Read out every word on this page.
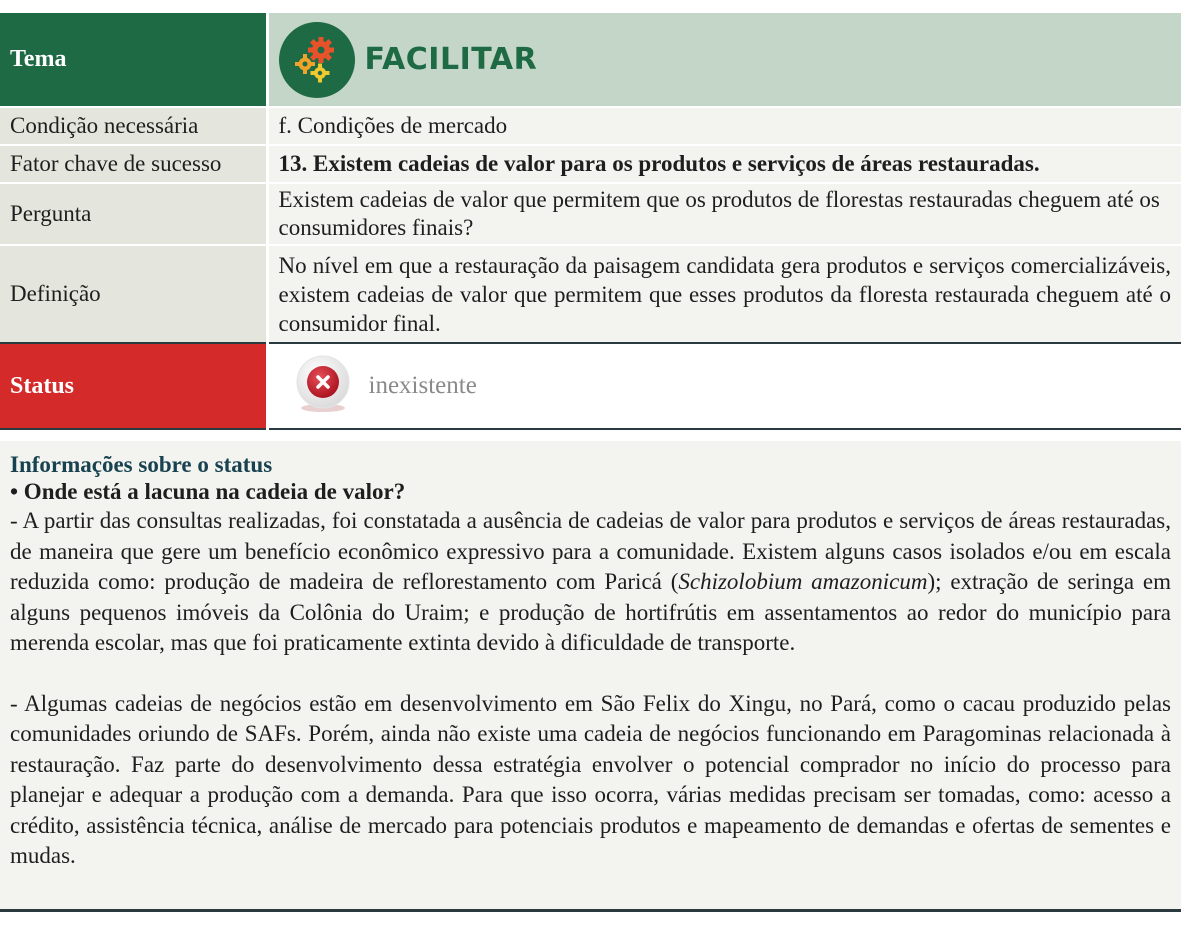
Tema	FACILITAR

Condição necessária	f. Condições de mercado
Fator chave de sucesso	13. Existem cadeias de valor para os produtos e serviços de áreas restauradas.
Pergunta	Existem cadeias de valor que permitem que os produtos de florestas restauradas cheguem até os consumidores finais?
Definição	No nível em que a restauração da paisagem candidata gera produtos e serviços comercializáveis, existem cadeias de valor que permitem que esses produtos da floresta restaurada cheguem até o consumidor final.
Status	inexistente
Informações sobre o status

• Onde está a lacuna na cadeia de valor?

- A partir das consultas realizadas, foi constatada a ausência de cadeias de valor para produtos e serviços de áreas restauradas, de maneira que gere um benefício econômico expressivo para a comunidade. Existem alguns casos isolados e/ou em escala reduzida como: produção de madeira de reflorestamento com Paricá (Schizolobium amazonicum); extração de seringa em alguns pequenos imóveis da Colônia do Uraim; e produção de hortifrútis em assentamentos ao redor do município para merenda escolar, mas que foi praticamente extinta devido à dificuldade de transporte.

- Algumas cadeias de negócios estão em desenvolvimento em São Felix do Xingu, no Pará, como o cacau produzido pelas comunidades oriundo de SAFs. Porém, ainda não existe uma cadeia de negócios funcionando em Paragominas relacionada à restauração. Faz parte do desenvolvimento dessa estratégia envolver o potencial comprador no início do processo para planejar e adequar a produção com a demanda. Para que isso ocorra, várias medidas precisam ser tomadas, como: acesso a crédito, assistência técnica, análise de mercado para potenciais produtos e mapeamento de demandas e ofertas de sementes e mudas.
